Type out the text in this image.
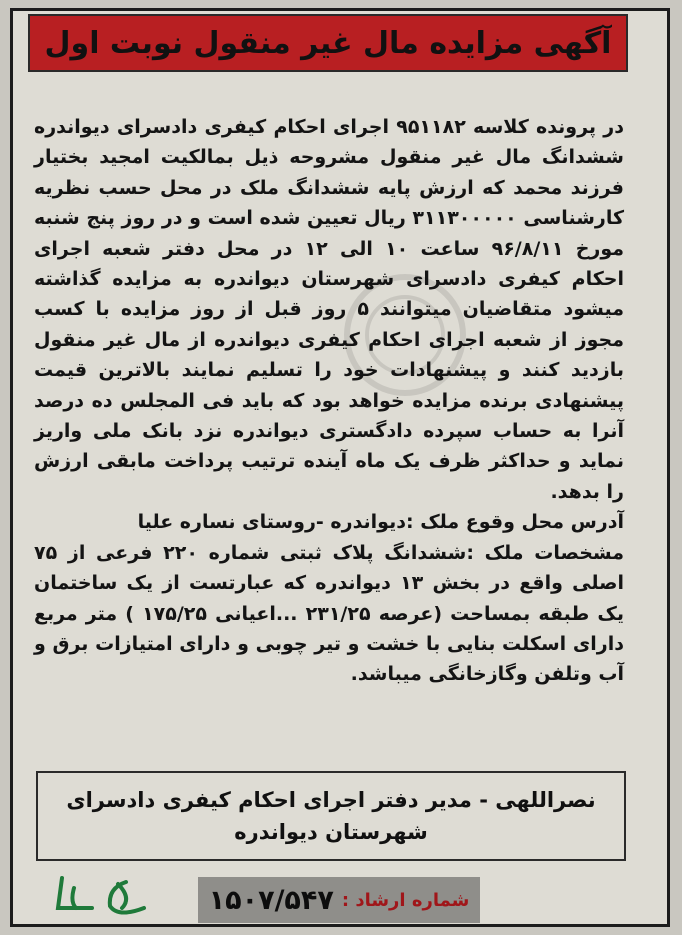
آگهی مزایده مال غیر منقول نوبت اول

در پرونده کلاسه ۹۵۱۱۸۲ اجرای احکام کیفری دادسرای دیواندره ششدانگ مال غیر منقول مشروحه ذیل بمالکیت امجید بختیار فرزند محمد که ارزش پایه ششدانگ ملک در محل حسب نظریه کارشناسی ۳۱۱۳۰۰۰۰۰ ریال تعیین شده است و در روز پنج شنبه مورخ ۹۶/۸/۱۱ ساعت ۱۰ الی ۱۲ در محل دفتر شعبه اجرای احکام کیفری دادسرای شهرستان دیواندره به مزایده گذاشته میشود متقاضیان میتوانند ۵ روز قبل از روز مزایده با کسب مجوز از شعبه اجرای احکام کیفری دیواندره از مال غیر منقول بازدید کنند و پیشنهادات خود را تسلیم نمایند بالاترین قیمت پیشنهادی برنده مزایده خواهد بود که باید فی المجلس ده درصد آنرا به حساب سپرده دادگستری دیواندره نزد بانک ملی واریز نماید و حداکثر ظرف یک ماه آینده ترتیب پرداخت مابقی ارزش را بدهد.

آدرس محل وقوع ملک :دیواندره -روستای نساره علیا

مشخصات ملک :ششدانگ پلاک ثبتی شماره ۲۲۰ فرعی از ۷۵ اصلی واقع در بخش ۱۳ دیواندره که عبارتست از یک ساختمان یک طبقه بمساحت (عرصه ۲۳۱/۲۵ ...اعیانی ۱۷۵/۲۵ ) متر مربع دارای اسکلت بنایی با خشت و تیر چوبی و دارای امتیازات برق و آب وتلفن وگازخانگی میباشد.

نصراللهی - مدیر دفتر اجرای احکام کیفری دادسرای
شهرستان دیواندره
شماره ارشاد :
۱۵۰۷/۵۴۷
